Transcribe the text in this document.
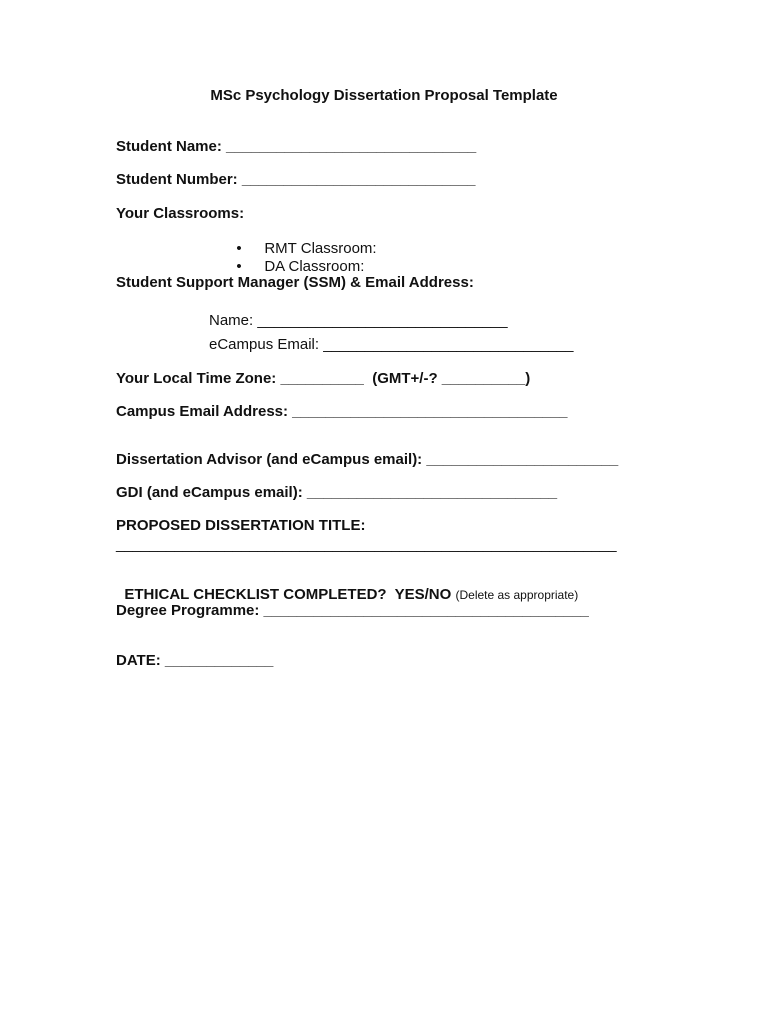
MSc Psychology Dissertation Proposal Template
Student Name: ______________________________
Student Number: ____________________________
Your Classrooms:

• RMT Classroom:

• DA Classroom:

Student Support Manager (SSM) & Email Address:
Name: ______________________________
eCampus Email: ______________________________
Your Local Time Zone: __________  (GMT+/-? __________)
Campus Email Address: _________________________________
Dissertation Advisor (and eCampus email): _______________________
GDI (and eCampus email): ______________________________
PROPOSED DISSERTATION TITLE:
____________________________________________________________

ETHICAL CHECKLIST COMPLETED?  YES/NO (Delete as appropriate)

Degree Programme: _______________________________________
DATE: _____________
